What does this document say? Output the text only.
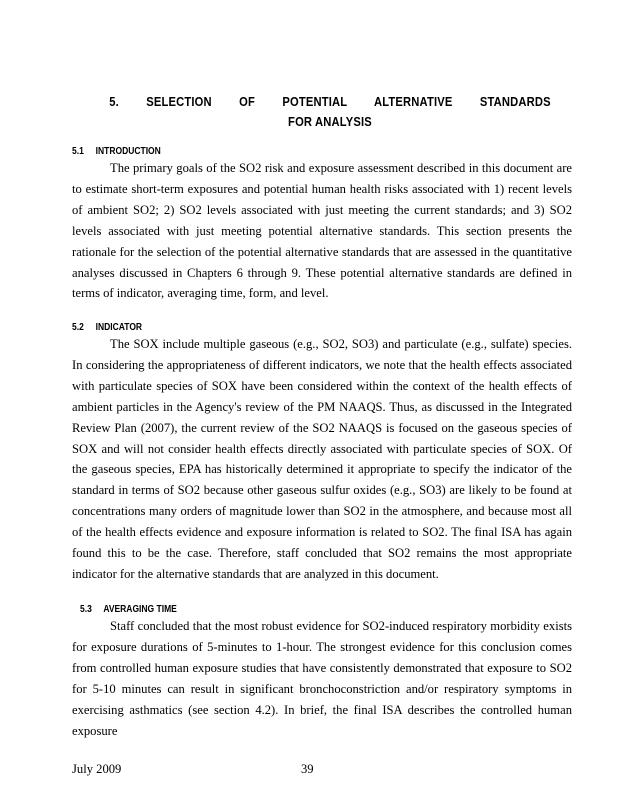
5. SELECTION OF POTENTIAL ALTERNATIVE STANDARDS
FOR ANALYSIS
5.1 INTRODUCTION

The primary goals of the SO2 risk and exposure assessment described in this document are to estimate short-term exposures and potential human health risks associated with 1) recent levels of ambient SO2; 2) SO2 levels associated with just meeting the current standards; and 3) SO2 levels associated with just meeting potential alternative standards. This section presents the rationale for the selection of the potential alternative standards that are assessed in the quantitative analyses discussed in Chapters 6 through 9. These potential alternative standards are defined in terms of indicator, averaging time, form, and level.

5.2 INDICATOR

The SOX include multiple gaseous (e.g., SO2, SO3) and particulate (e.g., sulfate) species. In considering the appropriateness of different indicators, we note that the health effects associated with particulate species of SOX have been considered within the context of the health effects of ambient particles in the Agency's review of the PM NAAQS. Thus, as discussed in the Integrated Review Plan (2007), the current review of the SO2 NAAQS is focused on the gaseous species of SOX and will not consider health effects directly associated with particulate species of SOX. Of the gaseous species, EPA has historically determined it appropriate to specify the indicator of the standard in terms of SO2 because other gaseous sulfur oxides (e.g., SO3) are likely to be found at concentrations many orders of magnitude lower than SO2 in the atmosphere, and because most all of the health effects evidence and exposure information is related to SO2. The final ISA has again found this to be the case. Therefore, staff concluded that SO2 remains the most appropriate indicator for the alternative standards that are analyzed in this document.

5.3 AVERAGING TIME

Staff concluded that the most robust evidence for SO2-induced respiratory morbidity exists for exposure durations of 5-minutes to 1-hour. The strongest evidence for this conclusion comes from controlled human exposure studies that have consistently demonstrated that exposure to SO2 for 5-10 minutes can result in significant bronchoconstriction and/or respiratory symptoms in exercising asthmatics (see section 4.2). In brief, the final ISA describes the controlled human exposure

July 2009	39
